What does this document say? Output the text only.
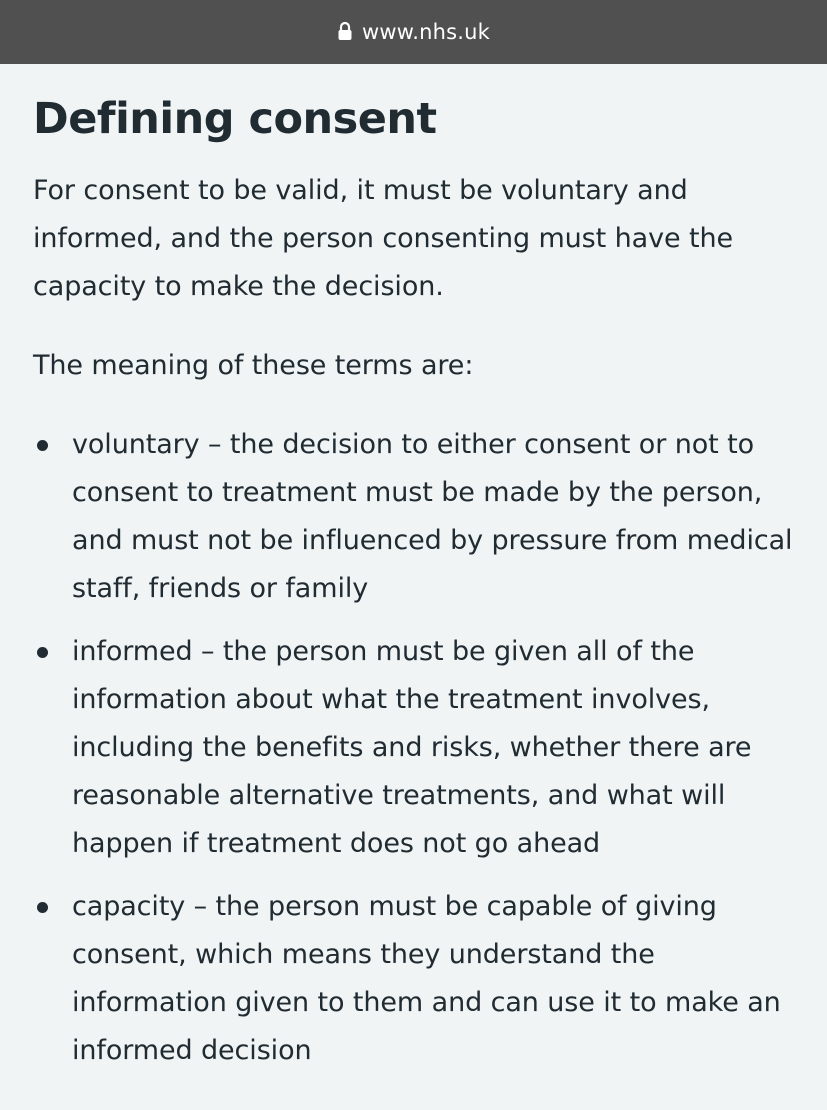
www.nhs.uk
Defining consent

For consent to be valid, it must be voluntary and informed, and the person consenting must have the capacity to make the decision.

The meaning of these terms are:

voluntary – the decision to either consent or not to consent to treatment must be made by the person, and must not be influenced by pressure from medical staff, friends or family
informed – the person must be given all of the information about what the treatment involves, including the benefits and risks, whether there are reasonable alternative treatments, and what will happen if treatment does not go ahead
capacity – the person must be capable of giving consent, which means they understand the information given to them and can use it to make an informed decision
